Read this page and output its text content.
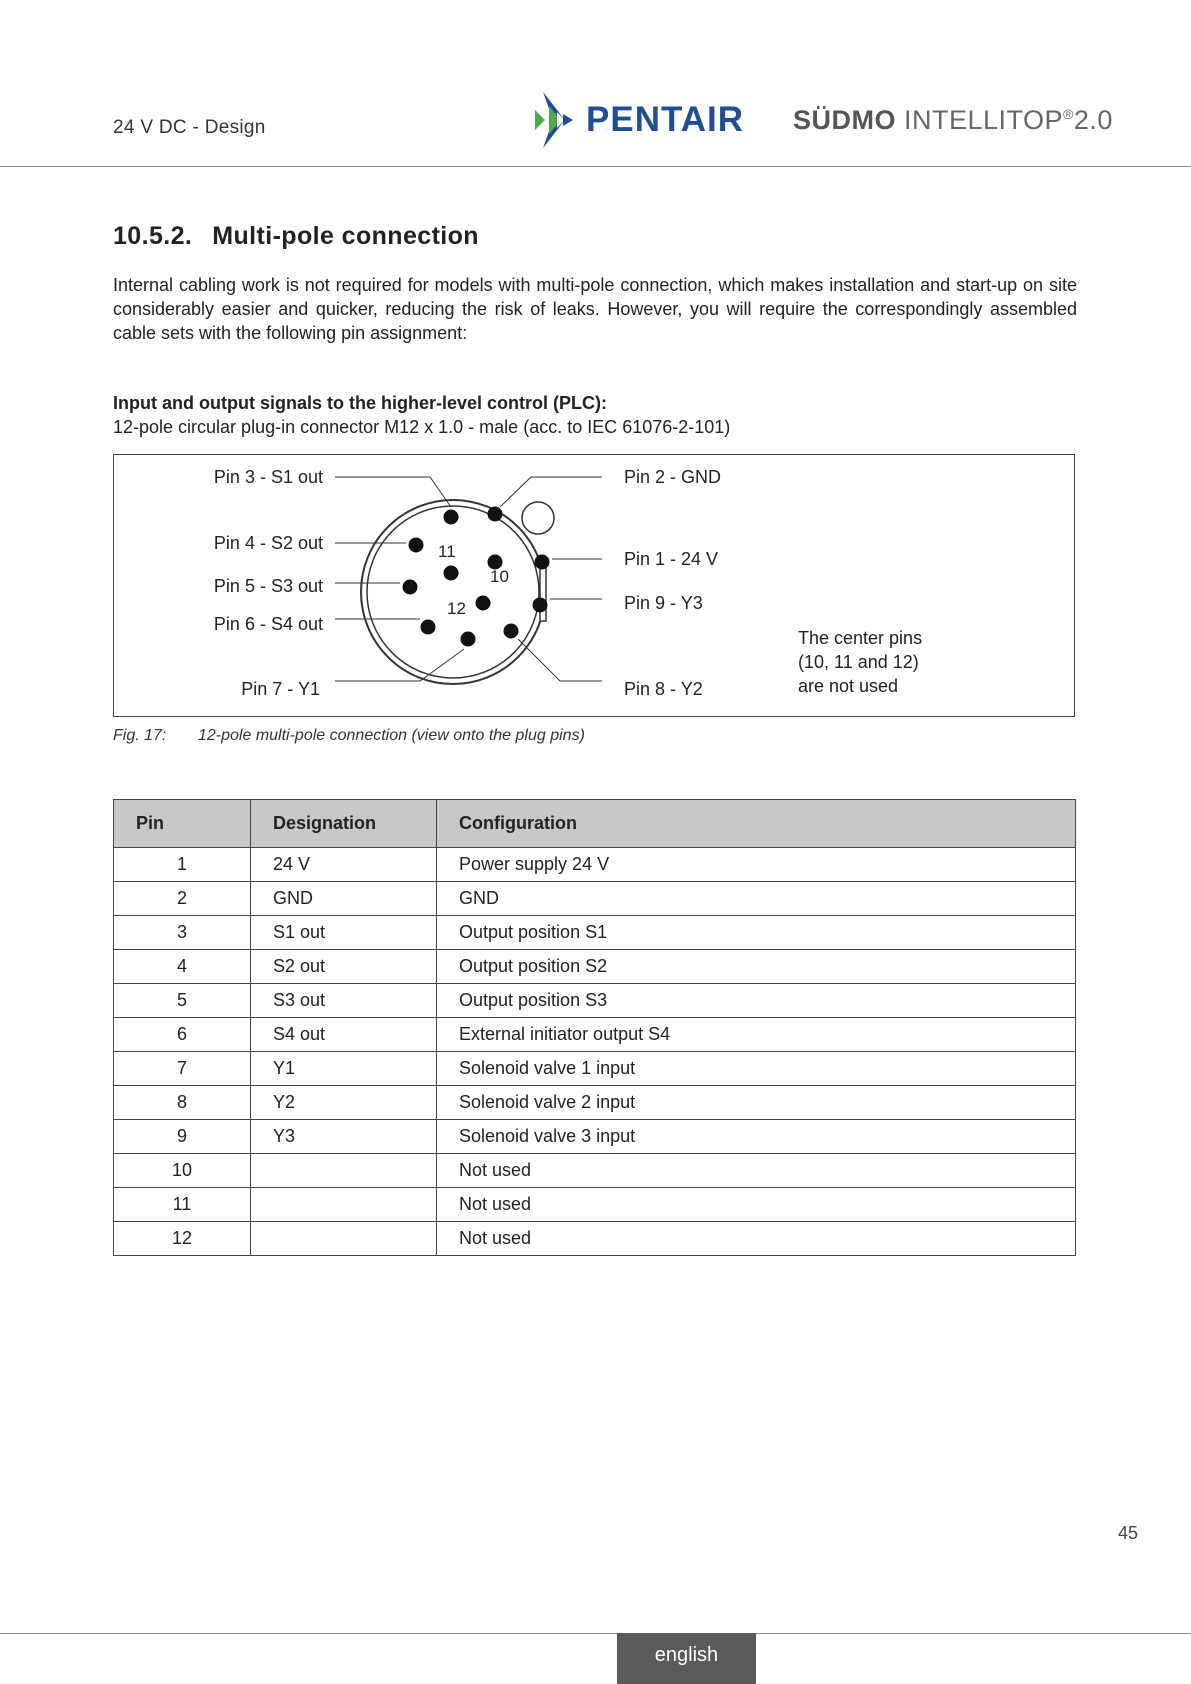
24 V DC - Design	PENTAIR SÜDMO INTELLITOP®2.0
10.5.2. Multi-pole connection
Internal cabling work is not required for models with multi-pole connection, which makes installation and start-up on site considerably easier and quicker, reducing the risk of leaks. However, you will require the correspondingly assembled cable sets with the following pin assignment:
Input and output signals to the higher-level control (PLC):
12-pole circular plug-in connector M12 x 1.0 - male (acc. to IEC 61076-2-101)
11
10
12
Pin 3 - S1 out
Pin 4 - S2 out
Pin 5 - S3 out
Pin 6 - S4 out
Pin 7 - Y1
Pin 2 - GND
Pin 1 - 24 V
Pin 9 - Y3
Pin 8 - Y2
The center pins
(10, 11 and 12)
are not used
Fig. 17: 12-pole multi-pole connection (view onto the plug pins)
Pin	Designation	Configuration
1	24 V	Power supply 24 V
2	GND	GND
3	S1 out	Output position S1
4	S2 out	Output position S2
5	S3 out	Output position S3
6	S4 out	External initiator output S4
7	Y1	Solenoid valve 1 input
8	Y2	Solenoid valve 2 input
9	Y3	Solenoid valve 3 input
10		Not used
11		Not used
12		Not used
45
english
